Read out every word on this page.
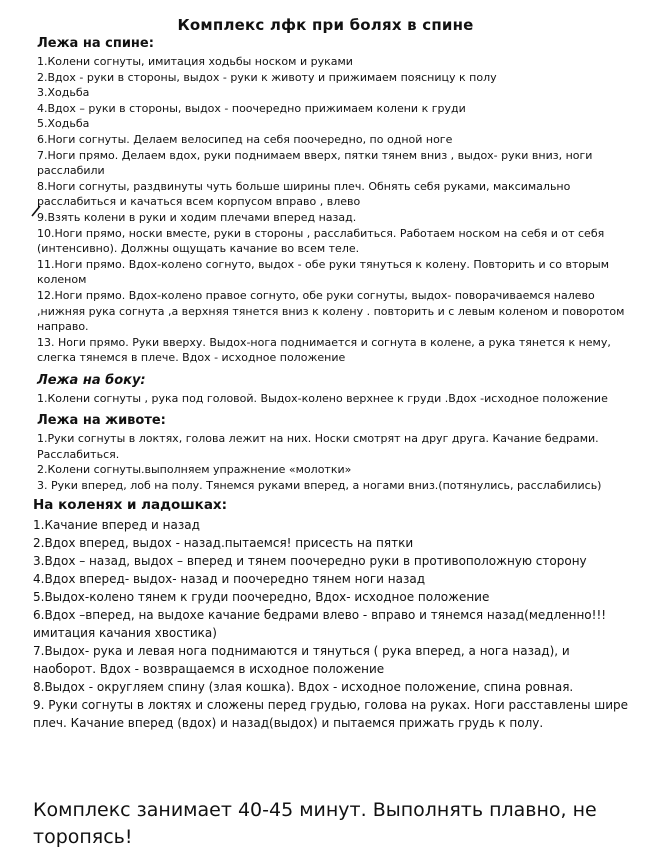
Комплекс лфк при болях в спине
Лежа на спине:

1.Колени согнуты, имитация ходьбы носком и руками

2.Вдох - руки в стороны, выдох - руки к животу и прижимаем поясницу к полу

3.Ходьба

4.Вдох – руки в стороны, выдох - поочередно прижимаем колени к груди

5.Ходьба

6.Ноги согнуты. Делаем велосипед на себя поочередно, по одной ноге

7.Ноги прямо. Делаем вдох, руки поднимаем вверх, пятки тянем вниз , выдох- руки вниз, ноги расслабили

8.Ноги согнуты, раздвинуты чуть больше ширины плеч. Обнять себя руками, максимально расслабиться и качаться всем корпусом вправо , влево

9.Взять колени в руки и ходим плечами вперед назад.

10.Ноги прямо, носки вместе, руки в стороны , расслабиться. Работаем носком на себя и от себя (интенсивно). Должны ощущать качание во всем теле.

11.Ноги прямо. Вдох-колено согнуто, выдох - обе руки тянуться к колену. Повторить и со вторым коленом

12.Ноги прямо. Вдох-колено правое согнуто, обе руки согнуты, выдох- поворачиваемся налево ,нижняя рука согнута ,а верхняя тянется вниз к колену . повторить и с левым коленом и поворотом направо.

13. Ноги прямо. Руки вверху. Выдох-нога поднимается и согнута в колене, а рука тянется к нему, слегка тянемся в плече. Вдох - исходное положение

Лежа на боку:

1.Колени согнуты , рука под головой. Выдох-колено верхнее к груди .Вдох -исходное положение

Лежа на животе:

1.Руки согнуты в локтях, голова лежит на них. Носки смотрят на друг друга. Качание бедрами. Расслабиться.

2.Колени согнуты.выполняем упражнение «молотки»

3. Руки вперед, лоб на полу. Тянемся руками вперед, а ногами вниз.(потянулись, расслабились)

На коленях и ладошках:

1.Качание вперед и назад

2.Вдох вперед, выдох - назад.пытаемся! присесть на пятки

3.Вдох – назад, выдох – вперед и тянем поочередно руки в противоположную сторону

4.Вдох вперед- выдох- назад и поочередно тянем ноги назад

5.Выдох-колено тянем к груди поочередно, Вдох- исходное положение

6.Вдох –вперед, на выдохе качание бедрами влево - вправо и тянемся назад(медленно!!!имитация качания хвостика)

7.Выдох- рука и левая нога поднимаются и тянуться ( рука вперед, а нога назад), и наоборот. Вдох - возвращаемся в исходное положение

8.Выдох - округляем спину (злая кошка). Вдох - исходное положение, спина ровная.

9. Руки согнуты в локтях и сложены перед грудью, голова на руках. Ноги расставлены шире плеч. Качание вперед (вдох) и назад(выдох) и пытаемся прижать грудь к полу.

Комплекс занимает 40-45 минут. Выполнять плавно, не торопясь!
